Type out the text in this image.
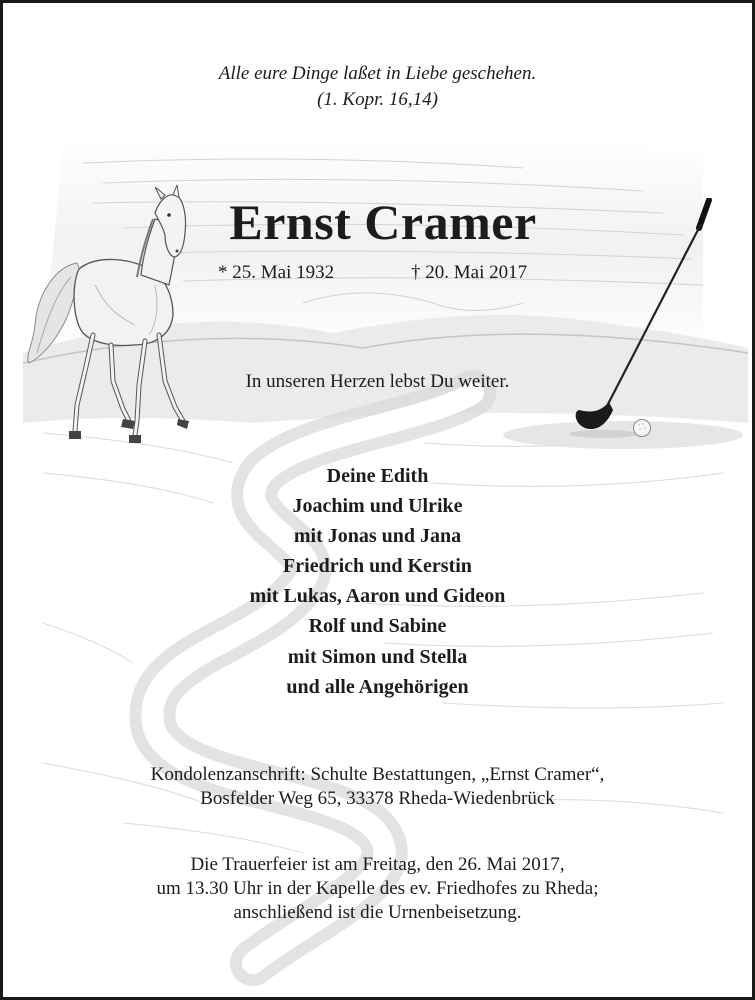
Alle eure Dinge laßet in Liebe geschehen.
(1. Kopr. 16,14)
Ernst Cramer
* 25. Mai 1932	† 20. Mai 2017
In unseren Herzen lebst Du weiter.
Deine Edith
Joachim und Ulrike
mit Jonas und Jana
Friedrich und Kerstin
mit Lukas, Aaron und Gideon
Rolf und Sabine
mit Simon und Stella
und alle Angehörigen
Kondolenzanschrift: Schulte Bestattungen, „Ernst Cramer“,
Bosfelder Weg 65, 33378 Rheda-Wiedenbrück
Die Trauerfeier ist am Freitag, den 26. Mai 2017,
um 13.30 Uhr in der Kapelle des ev. Friedhofes zu Rheda;
anschließend ist die Urnenbeisetzung.
